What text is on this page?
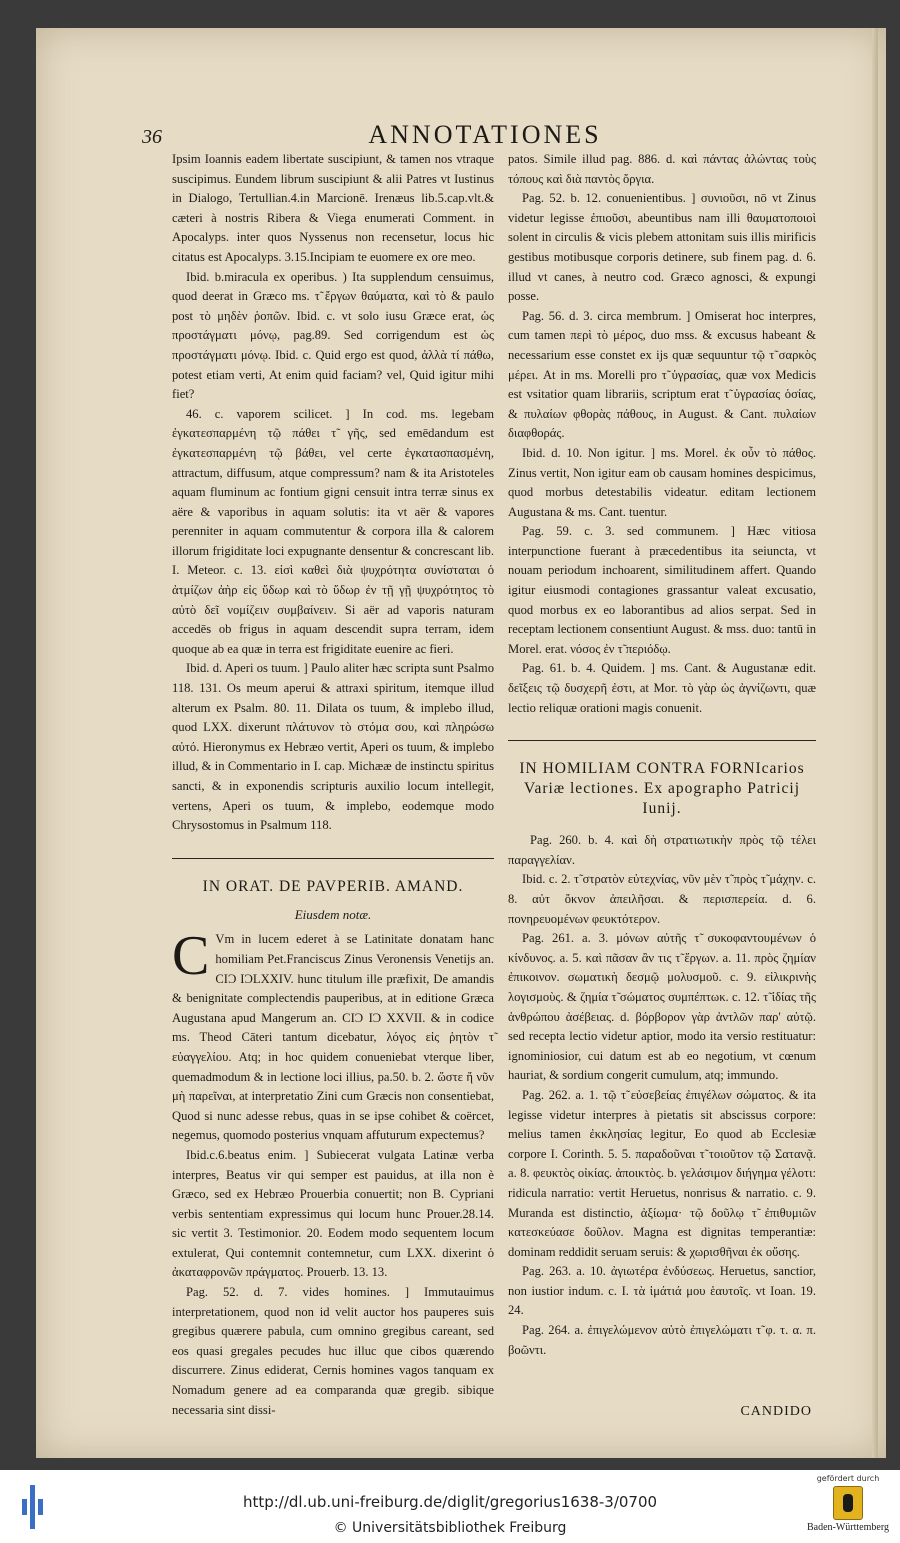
36	ANNOTATIONES

Ipsim Ioannis eadem libertate suscipiunt, & tamen nos vtraque suscipimus. Eundem librum suscipiunt & alii Patres vt Iustinus in Dialogo, Tertullian.4.in Marcionē. Irenæus lib.5.cap.vlt.& cæteri à nostris Ribera & Viega enumerati Comment. in Apocalyps. inter quos Nyssenus non recensetur, locus hic citatus est Apocalyps. 3.15.Incipiam te euomere ex ore meo.

Ibid. b.miracula ex operibus. ) Ita supplendum censuimus, quod deerat in Græco ms. τ̃ ἔργων θαύματα, καὶ τὸ & paulo post τὸ μηδὲν ῥοπῶν. Ibid. c. vt solo iusu Græce erat, ὡς προστάγματι μόνῳ, pag.89. Sed corrigendum est ὡς προστάγματι μόνῳ. Ibid. c. Quid ergo est quod, ἀλλὰ τί πάθω, potest etiam verti, At enim quid faciam? vel, Quid igitur mihi fiet?

46. c. vaporem scilicet. ] In cod. ms. legebam ἐγκατεσπαρμένη τῷ πάθει τ̃ γῆς, sed emēdandum est ἐγκατεσπαρμένη τῷ βάθει, vel certe ἐγκατασπασμένη, attractum, diffusum, atque compressum? nam & ita Aristoteles aquam fluminum ac fontium gigni censuit intra terræ sinus ex aëre & vaporibus in aquam solutis: ita vt aër & vapores perenniter in aquam commutentur & corpora illa & calorem illorum frigiditate loci expugnante densentur & concrescant lib. I. Meteor. c. 13. εἰσὶ καθεὶ διὰ ψυχρότητα συνίσταται ὁ ἀτμίζων ἀὴρ εἰς ὕδωρ καὶ τὸ ὕδωρ ἐν τῇ γῇ ψυχρότητος τὸ αὐτὸ δεῖ νομίζειν συμβαίνειν. Si aër ad vaporis naturam accedēs ob frigus in aquam descendit supra terram, idem quoque ab ea quæ in terra est frigiditate euenire ac fieri.

Ibid. d. Aperi os tuum. ] Paulo aliter hæc scripta sunt Psalmo 118. 131. Os meum aperui & attraxi spiritum, itemque illud alterum ex Psalm. 80. 11. Dilata os tuum, & implebo illud, quod LXX. dixerunt πλάτυνον τὸ στόμα σου, καὶ πληρώσω αὐτό. Hieronymus ex Hebræo vertit, Aperi os tuum, & implebo illud, & in Commentario in I. cap. Michææ de instinctu spiritus sancti, & in exponendis scripturis auxilio locum intellegit, vertens, Aperi os tuum, & implebo, eodemque modo Chrysostomus in Psalmum 118.

IN ORAT. DE PAVPERIB. AMAND.
Eiusdem notæ.

C Vm in lucem ederet à se Latinitate donatam hanc homiliam Pet.Franciscus Zinus Veronensis Venetijs an. CIƆ IƆLXXIV. hunc titulum ille præfixit, De amandis & benignitate complectendis pauperibus, at in editione Græca Augustana apud Mangerum an. CIƆ IƆ XXVII. & in codice ms. Theod Cāteri tantum dicebatur, λόγος εἰς ῥητὸν τ̃ εὐαγγελίου. Atq; in hoc quidem conueniebat vterque liber, quemadmodum & in lectione loci illius, pa.50. b. 2. ὥστε ἤ νῦν μὴ παρεῖναι, at interpretatio Zini cum Græcis non consentiebat, Quod si nunc adesse rebus, quas in se ipse cohibet & coërcet, negemus, quomodo posterius vnquam affuturum expectemus?

Ibid.c.6.beatus enim. ] Subiecerat vulgata Latinæ verba interpres, Beatus vir qui semper est pauidus, at illa non è Græco, sed ex Hebræo Prouerbia conuertit; non B. Cypriani verbis sententiam expressimus qui locum hunc Prouer.28.14. sic vertit 3. Testimonior. 20. Eodem modo sequentem locum extulerat, Qui contemnit contemnetur, cum LXX. dixerint ὁ ἀκαταφρονῶν πράγματος. Prouerb. 13. 13.

Pag. 52. d. 7. vides homines. ] Immutauimus interpretationem, quod non id velit auctor hos pauperes suis gregibus quærere pabula, cum omnino gregibus careant, sed eos quasi gregales pecudes huc illuc que cibos quærendo discurrere. Zinus ediderat, Cernis homines vagos tanquam ex Nomadum genere ad ea comparanda quæ gregib. sibique necessaria sint dissi-

patos. Simile illud pag. 886. d. καὶ πάντας ἀλώντας τοὺς τόπους καὶ διὰ παντὸς ὄργια.

Pag. 52. b. 12. conuenientibus. ] συνιοῦσι, nō vt Zinus videtur legisse ἐπιοῦσι, abeuntibus nam illi θαυματοποιοὶ solent in circulis & vicis plebem attonitam suis illis mirificis gestibus motibusque corporis detinere, sub finem pag. d. 6. illud vt canes, à neutro cod. Græco agnosci, & expungi posse.

Pag. 56. d. 3. circa membrum. ] Omiserat hoc interpres, cum tamen περὶ τὸ μέρος, duo mss. & excusus habeant & necessarium esse constet ex ijs quæ sequuntur τῷ τ̃ σαρκὸς μέρει. At in ms. Morelli pro τ̃ ὑγρασίας, quæ vox Medicis est vsitatior quam librariis, scriptum erat τ̃ ὑγρασίας ὁσίας, & πυλαίων φθορὰς πάθους, in August. & Cant. πυλαίων διαφθοράς.

Ibid. d. 10. Non igitur. ] ms. Morel. ἐκ οὖν τὸ πάθος. Zinus vertit, Non igitur eam ob causam homines despicimus, quod morbus detestabilis videatur. editam lectionem Augustana & ms. Cant. tuentur.

Pag. 59. c. 3. sed communem. ] Hæc vitiosa interpunctione fuerant à præcedentibus ita seiuncta, vt nouam periodum inchoarent, similitudinem affert. Quando igitur eiusmodi contagiones grassantur valeat excusatio, quod morbus ex eo laborantibus ad alios serpat. Sed in receptam lectionem consentiunt August. & mss. duo: tantū in Morel. erat. νόσος ἐν τ̃ περιόδῳ.

Pag. 61. b. 4. Quidem. ] ms. Cant. & Augustanæ edit. δεῖξεις τῷ δυσχερῆ ἐστι, at Mor. τὸ γὰρ ὡς ἀγνίζωντι, quæ lectio reliquæ orationi magis conuenit.

IN HOMILIAM CONTRA FORNIcarios Variæ lectiones. Ex apographo Patricij Iunij.

Pag. 260. b. 4. καὶ δὴ στρατιωτικὴν πρὸς τῷ τέλει παραγγελίαν.

Ibid. c. 2. τ̃ στρατὸν εὐτεχνίας, νῦν μὲν τ̃ πρὸς τ̃ μάχην. c. 8. αὐτ ὄκνον ἀπειλῆσαι. & περισπερεία. d. 6. πονηρευομένων φευκτότερον.

Pag. 261. a. 3. μόνων αὐτῆς τ̃ συκοφαντουμένων ὁ κίνδυνος. a. 5. καὶ πᾶσαν ἂν τις τ̃ ἔργων. a. 11. πρὸς ζημίαν ἐπικοινον. σωματικὴ δεσμῷ μολυσμοῦ. c. 9. εἰλικρινὴς λογισμοὺς. & ζημία τ̃ σώματος συμπέπτωκ. c. 12. τ̃ ἰδίας τῆς ἀνθρώπου ἀσέβειας. d. βόρβορον γὰρ ἀντλῶν παρ' αὐτῷ. sed recepta lectio videtur aptior, modo ita versio restituatur: ignominiosior, cui datum est ab eo negotium, vt cœnum hauriat, & sordium congerit cumulum, atq; immundo.

Pag. 262. a. 1. τῷ τ̃ εὐσεβείας ἐπιγέλων σώματος. & ita legisse videtur interpres à pietatis sit abscissus corpore: melius tamen ἐκκλησίας legitur, Eo quod ab Ecclesiæ corpore I. Corinth. 5. 5. παραδοῦναι τ̃ τοιοῦτον τῷ Σατανᾷ. a. 8. φευκτὸς οἰκίας. ἀποικτὸς. b. γελάσιμον διήγημα γέλοτι: ridicula narratio: vertit Heruetus, nonrisus & narratio. c. 9. Muranda est distinctio, ἀξίωμα· τῷ δοῦλῳ τ̃ ἐπιθυμιῶν κατεσκεύασε δοῦλον. Magna est dignitas temperantiæ: dominam reddidit seruam seruis: & χωρισθῆναι ἐκ οὔσης.

Pag. 263. a. 10. ἀγιωτέρα ἐνδύσεως. Heruetus, sanctior, non iustior indum. c. I. τὰ ἱμάτιά μου ἑαυτοῖς. vt Ioan. 19. 24.

Pag. 264. a. ἐπιγελώμενον αὐτὸ ἐπιγελώματι τ̃ φ. τ. α. π. βοῶντι.

CANDIDO
http://dl.ub.uni-freiburg.de/diglit/gregorius1638-3/0700
© Universitätsbibliothek Freiburg
gefördert durch
Baden-Württemberg
